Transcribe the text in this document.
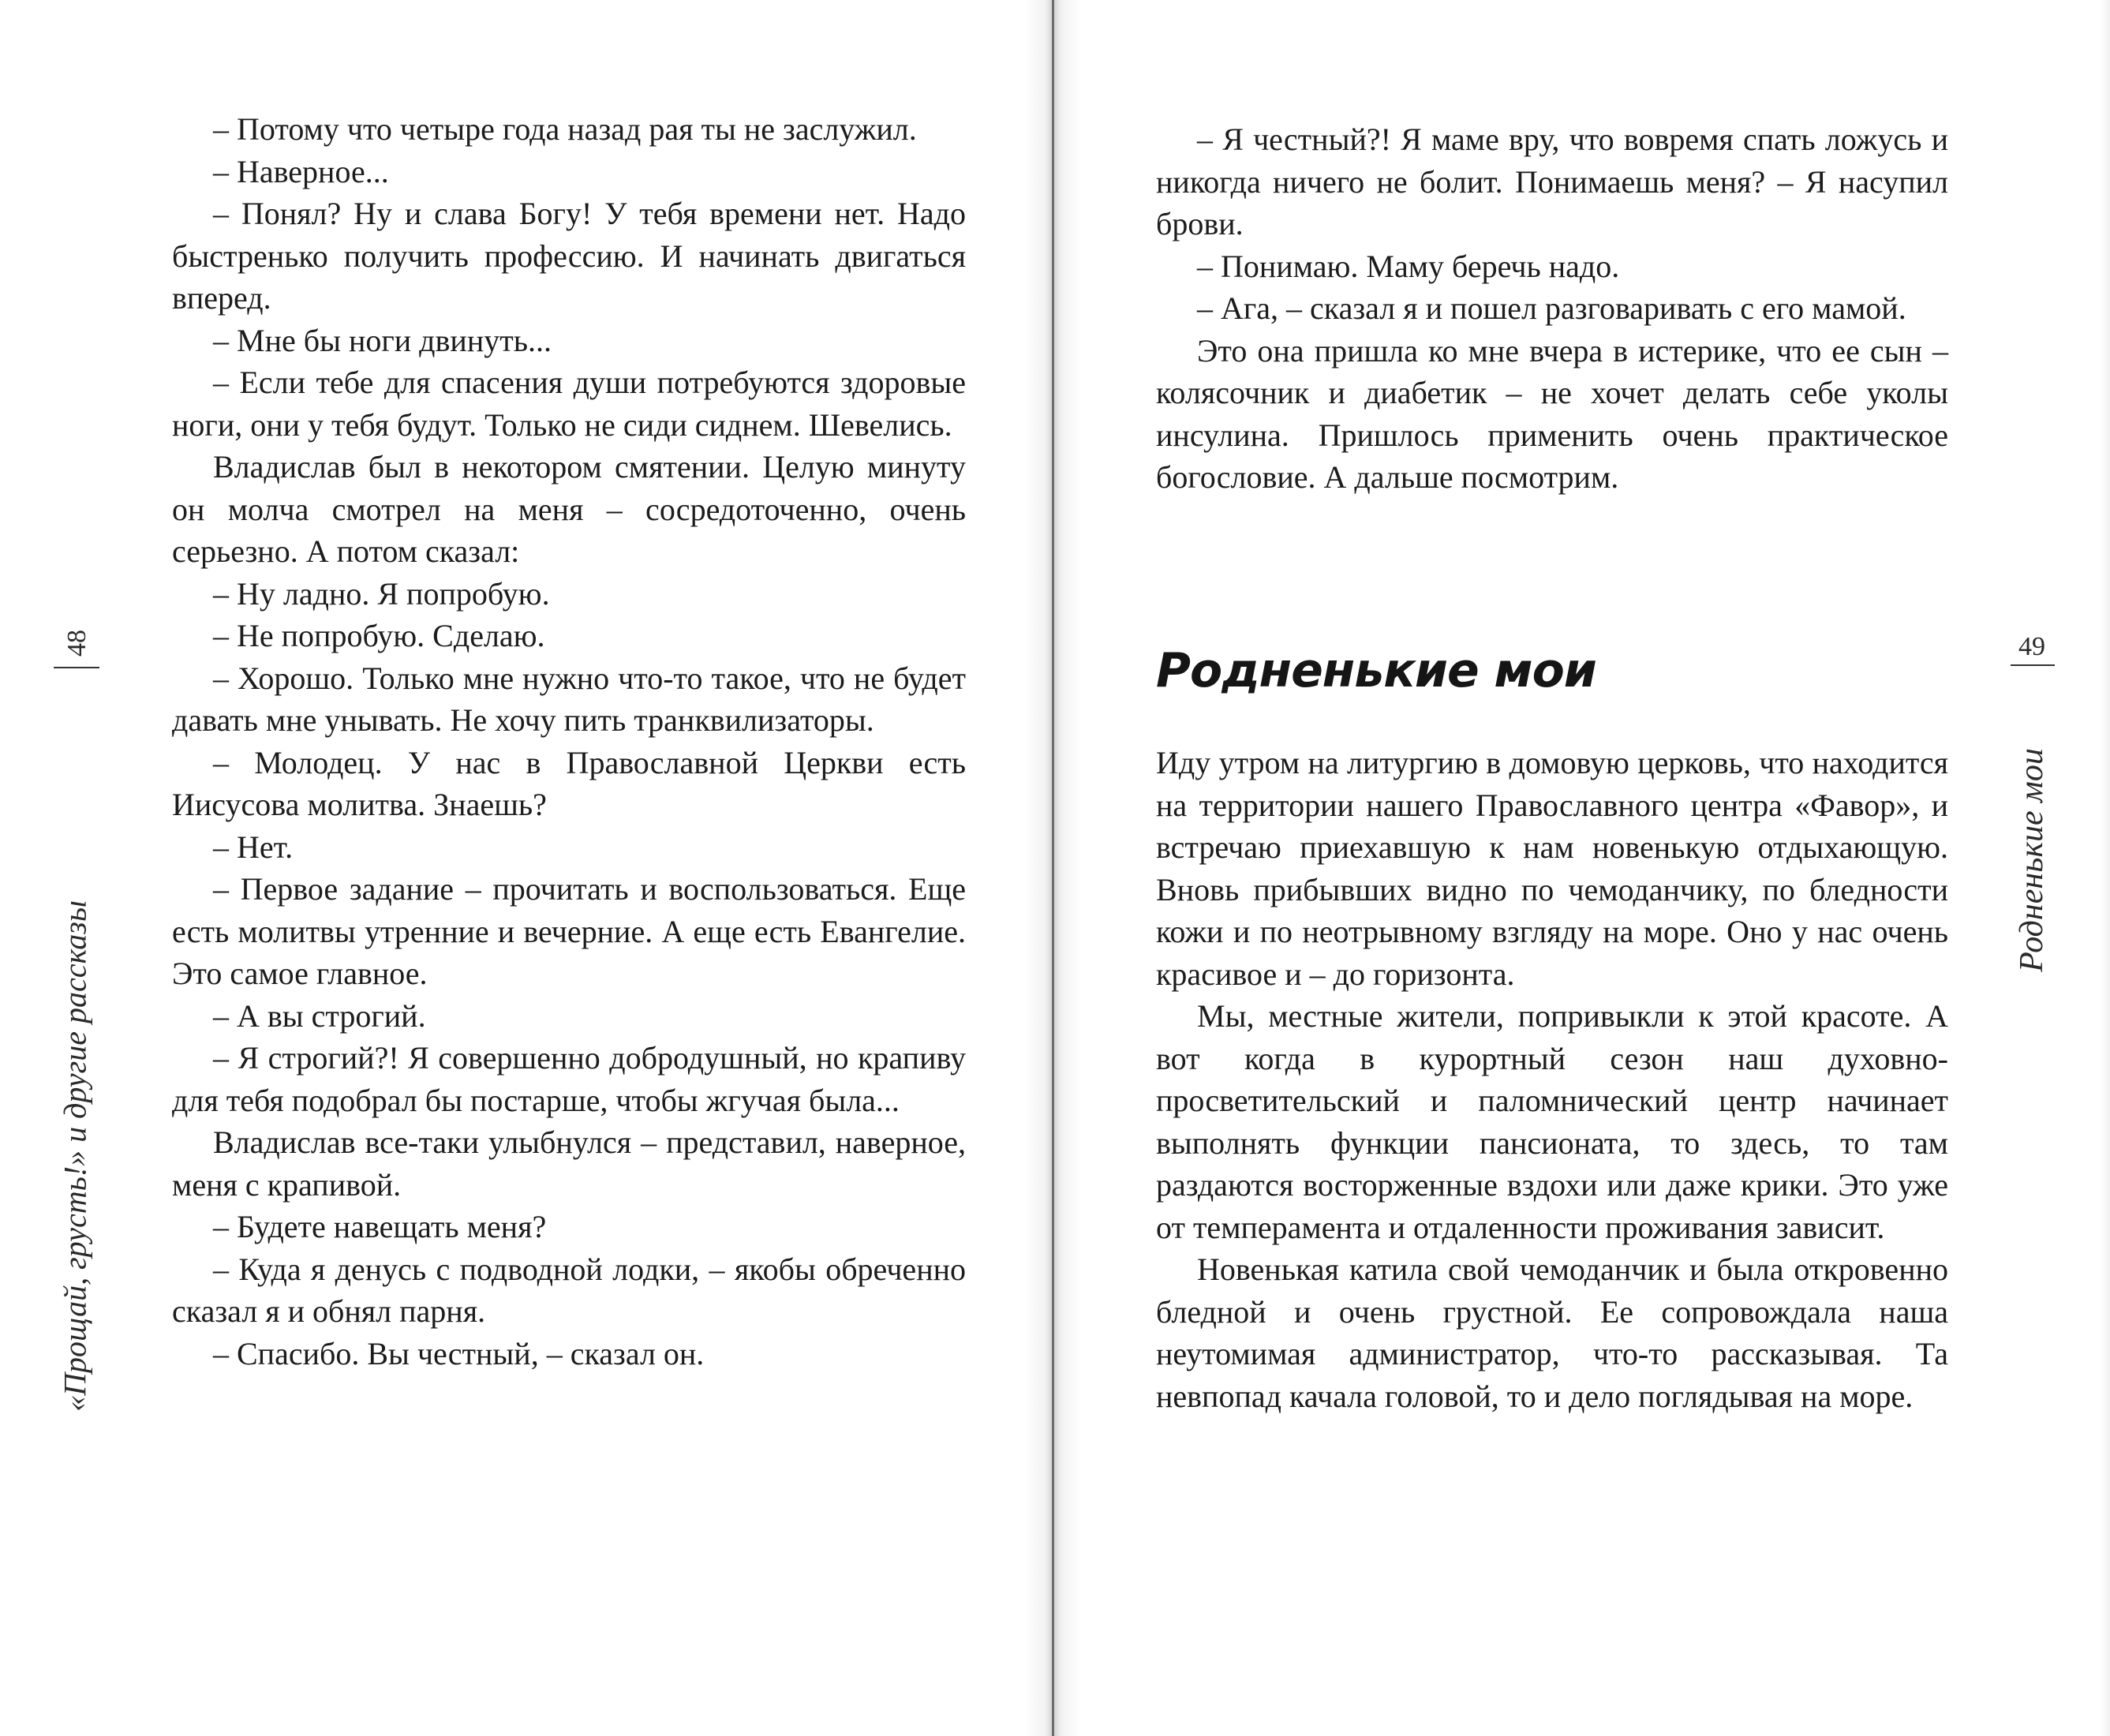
48
«Прощай, грусть!» и другие рассказы

– Потому что четыре года назад рая ты не заслужил.

– Наверное...

– Понял? Ну и слава Богу! У тебя времени нет. Надо быстренько получить профессию. И начинать двигаться вперед.

– Мне бы ноги двинуть...

– Если тебе для спасения души потребуются здоровые ноги, они у тебя будут. Только не сиди сиднем. Шевелись.

Владислав был в некотором смятении. Целую минуту он молча смотрел на меня – сосредоточенно, очень серьезно. А потом сказал:

– Ну ладно. Я попробую.

– Не попробую. Сделаю.

– Хорошо. Только мне нужно что-то такое, что не будет давать мне унывать. Не хочу пить транквилизаторы.

– Молодец. У нас в Православной Церкви есть Иисусова молитва. Знаешь?

– Нет.

– Первое задание – прочитать и воспользоваться. Еще есть молитвы утренние и вечерние. А еще есть Евангелие. Это самое главное.

– А вы строгий.

– Я строгий?! Я совершенно добродушный, но крапиву для тебя подобрал бы постарше, чтобы жгучая была...

Владислав все-таки улыбнулся – представил, наверное, меня с крапивой.

– Будете навещать меня?

– Куда я денусь с подводной лодки, – якобы обреченно сказал я и обнял парня.

– Спасибо. Вы честный, – сказал он.

49
Родненькие мои

– Я честный?! Я маме вру, что вовремя спать ложусь и никогда ничего не болит. Понимаешь меня? – Я насупил брови.

– Понимаю. Маму беречь надо.

– Ага, – сказал я и пошел разговаривать с его мамой.

Это она пришла ко мне вчера в истерике, что ее сын – колясочник и диабетик – не хочет делать себе уколы инсулина. Пришлось применить очень практическое богословие. А дальше посмотрим.

Родненькие мои

Иду утром на литургию в домовую церковь, что находится на территории нашего Православного центра «Фавор», и встречаю приехавшую к нам новенькую отдыхающую. Вновь прибывших видно по чемоданчику, по бледности кожи и по неотрывному взгляду на море. Оно у нас очень красивое и – до горизонта.

Мы, местные жители, попривыкли к этой красоте. А вот когда в курортный сезон наш духовно-просветительский и паломнический центр начинает выполнять функции пансионата, то здесь, то там раздаются восторженные вздохи или даже крики. Это уже от темперамента и отдаленности проживания зависит.

Новенькая катила свой чемоданчик и была откровенно бледной и очень грустной. Ее сопровождала наша неутомимая администратор, что-то рассказывая. Та невпопад качала головой, то и дело поглядывая на море.
